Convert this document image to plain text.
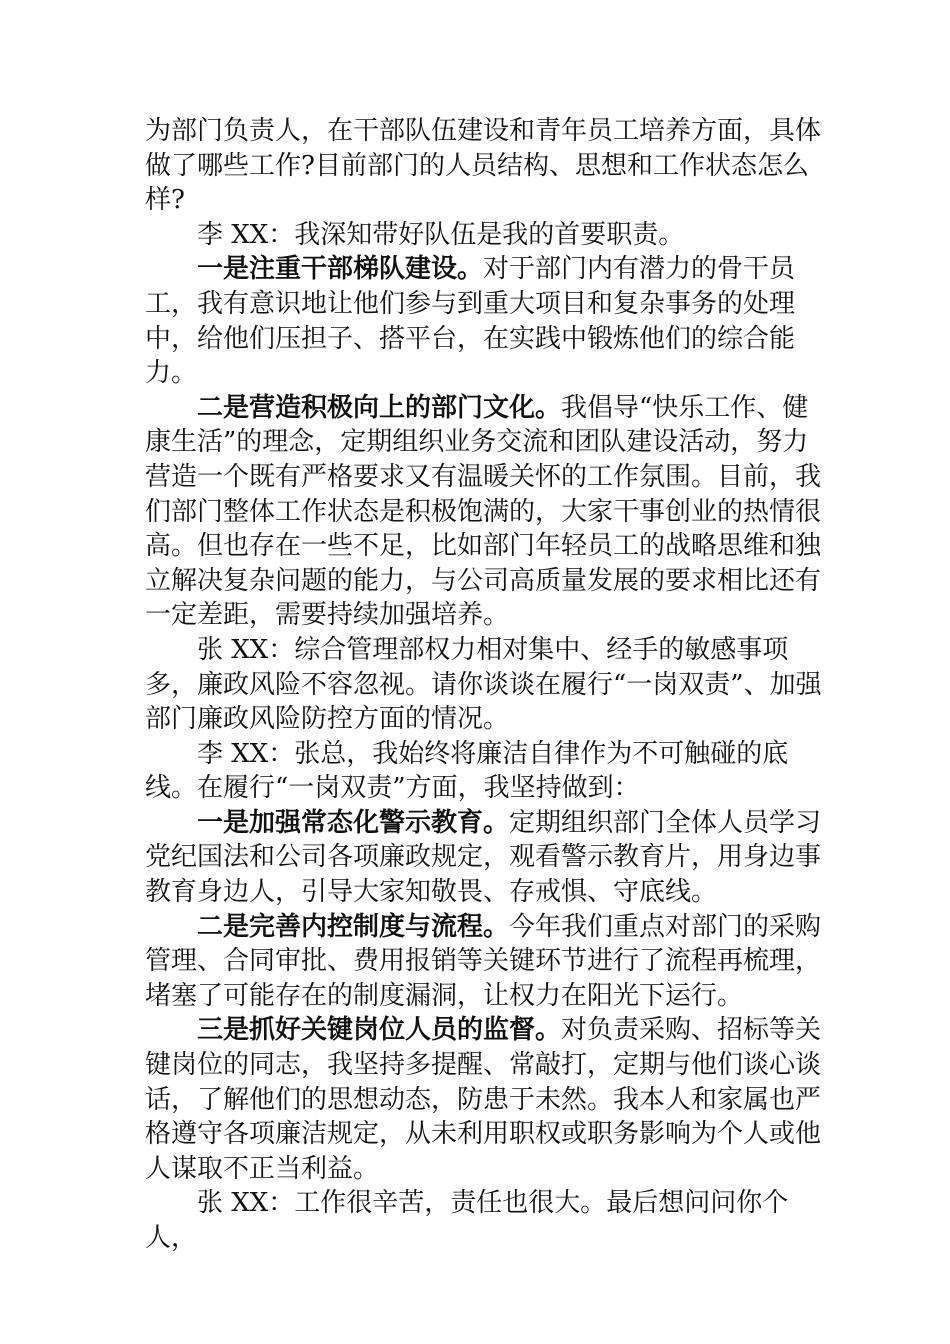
为部门负责人，在干部队伍建设和青年员工培养方面，具体做了哪些工作?目前部门的人员结构、思想和工作状态怎么样?

李 XX：我深知带好队伍是我的首要职责。

一是注重干部梯队建设。对于部门内有潜力的骨干员工，我有意识地让他们参与到重大项目和复杂事务的处理中，给他们压担子、搭平台，在实践中锻炼他们的综合能力。

二是营造积极向上的部门文化。我倡导“快乐工作、健康生活”的理念，定期组织业务交流和团队建设活动，努力营造一个既有严格要求又有温暖关怀的工作氛围。目前，我们部门整体工作状态是积极饱满的，大家干事创业的热情很高。但也存在一些不足，比如部门年轻员工的战略思维和独立解决复杂问题的能力，与公司高质量发展的要求相比还有一定差距，需要持续加强培养。

张 XX：综合管理部权力相对集中、经手的敏感事项多，廉政风险不容忽视。请你谈谈在履行“一岗双责”、加强部门廉政风险防控方面的情况。

李 XX：张总，我始终将廉洁自律作为不可触碰的底线。在履行“一岗双责”方面，我坚持做到：

一是加强常态化警示教育。定期组织部门全体人员学习党纪国法和公司各项廉政规定，观看警示教育片，用身边事教育身边人，引导大家知敬畏、存戒惧、守底线。

二是完善内控制度与流程。今年我们重点对部门的采购管理、合同审批、费用报销等关键环节进行了流程再梳理，堵塞了可能存在的制度漏洞，让权力在阳光下运行。

三是抓好关键岗位人员的监督。对负责采购、招标等关键岗位的同志，我坚持多提醒、常敲打，定期与他们谈心谈话，了解他们的思想动态，防患于未然。我本人和家属也严格遵守各项廉洁规定，从未利用职权或职务影响为个人或他人谋取不正当利益。

张 XX：工作很辛苦，责任也很大。最后想问问你个人，
